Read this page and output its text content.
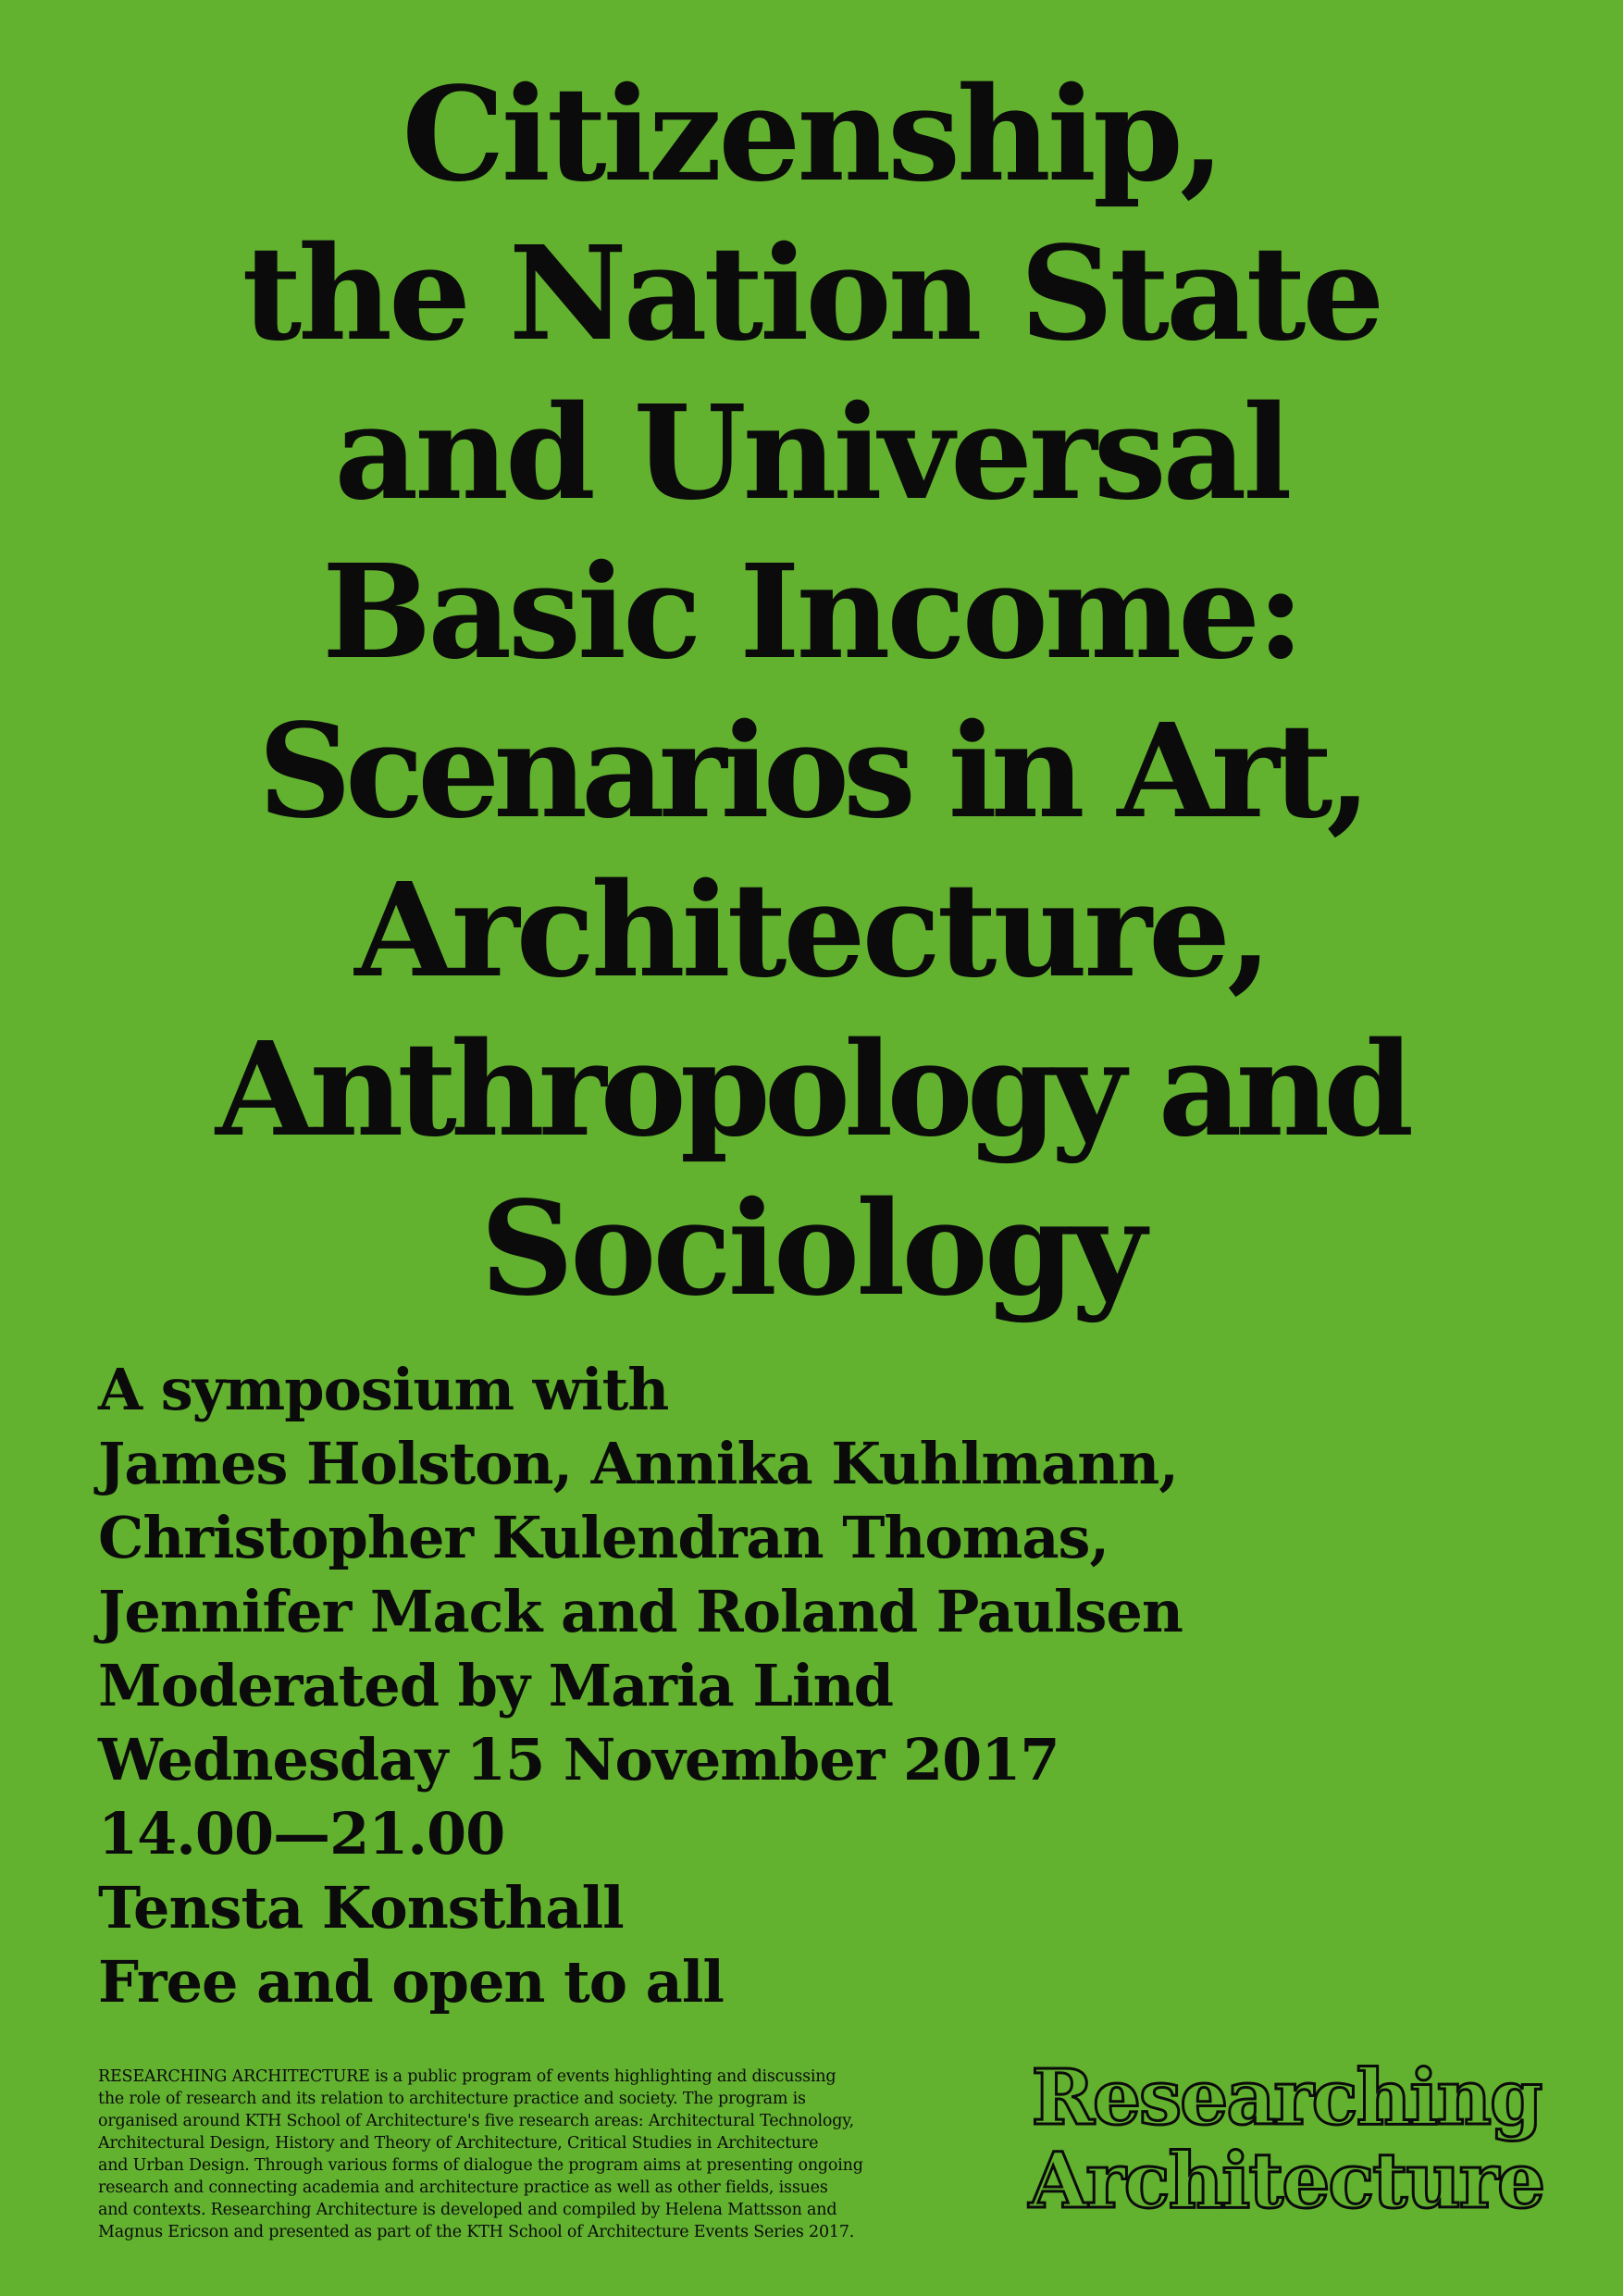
Citizenship,
the Nation State
and Universal
Basic Income:
Scenarios in Art,
Architecture,
Anthropology and
Sociology
A symposium with
James Holston, Annika Kuhlmann,
Christopher Kulendran Thomas,
Jennifer Mack and Roland Paulsen
Moderated by Maria Lind
Wednesday 15 November 2017
14.00—21.00
Tensta Konsthall
Free and open to all
RESEARCHING ARCHITECTURE is a public program of events highlighting and discussing
the role of research and its relation to architecture practice and society. The program is
organised around KTH School of Architecture's five research areas: Architectural Technology,
Architectural Design, History and Theory of Architecture, Critical Studies in Architecture
and Urban Design. Through various forms of dialogue the program aims at presenting ongoing
research and connecting academia and architecture practice as well as other fields, issues
and contexts. Researching Architecture is developed and compiled by Helena Mattsson and
Magnus Ericson and presented as part of the KTH School of Architecture Events Series 2017.
Researching
Architecture
